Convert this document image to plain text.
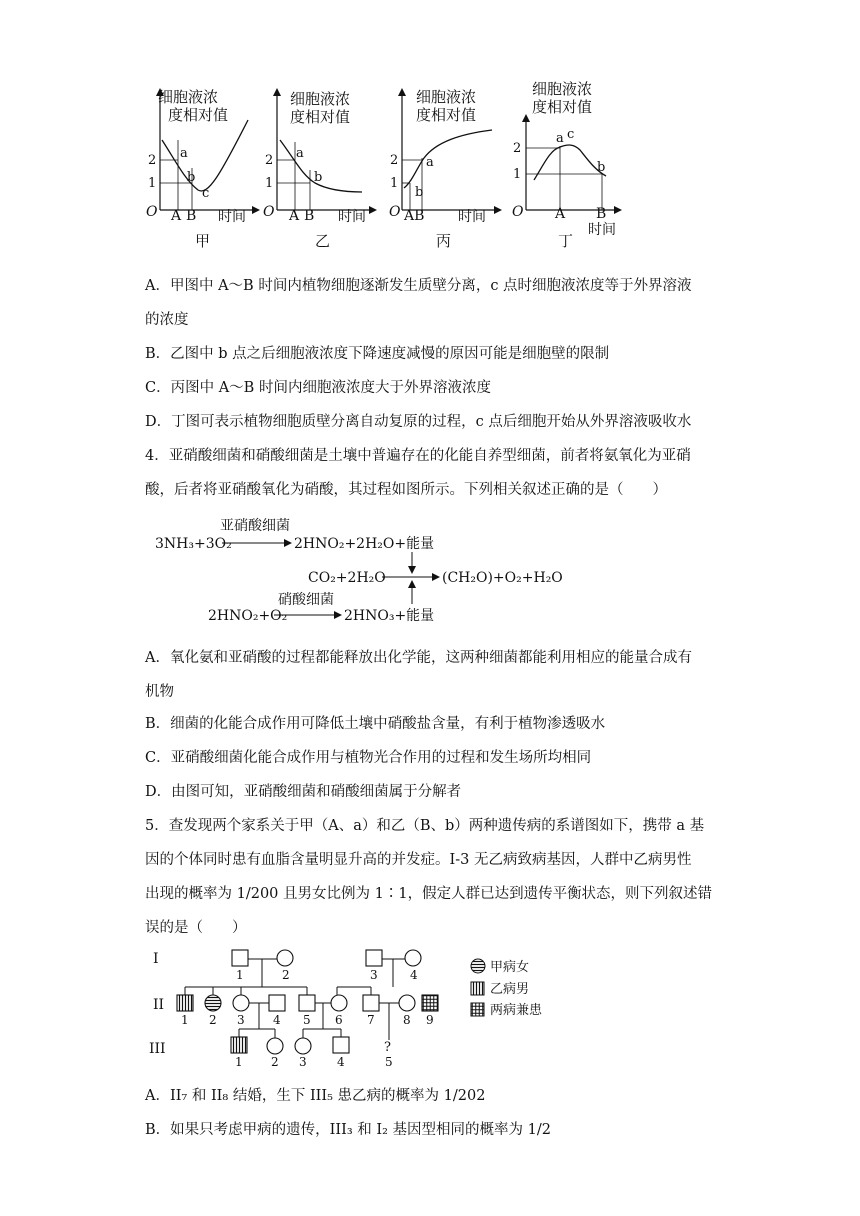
细胞液浓
度相对值
2
1
O A B 时间
a
b
c
甲
细胞液浓
度相对值
2
1
O A B 时间
a
b
乙
细胞液浓
度相对值
2
1
O AB 时间
a
b
丙
细胞液浓
度相对值
2
1
O A B
时间
a c
b
丁
A．甲图中 A～B 时间内植物细胞逐渐发生质壁分离，c 点时细胞液浓度等于外界溶液
的浓度
B．乙图中 b 点之后细胞液浓度下降速度减慢的原因可能是细胞壁的限制
C．丙图中 A～B 时间内细胞液浓度大于外界溶液浓度
D．丁图可表示植物细胞质壁分离自动复原的过程，c 点后细胞开始从外界溶液吸收水
4．亚硝酸细菌和硝酸细菌是土壤中普遍存在的化能自养型细菌，前者将氨氧化为亚硝
酸，后者将亚硝酸氧化为硝酸，其过程如图所示。下列相关叙述正确的是（　　）
亚硝酸细菌
3NH₃+3O₂	2HNO₂+2H₂O+能量
CO₂+2H₂O	(CH₂O)+O₂+H₂O
硝酸细菌
2HNO₂+O₂	2HNO₃+能量
A．氧化氨和亚硝酸的过程都能释放出化学能，这两种细菌都能利用相应的能量合成有
机物
B．细菌的化能合成作用可降低土壤中硝酸盐含量，有利于植物渗透吸水
C．亚硝酸细菌化能合成作用与植物光合作用的过程和发生场所均相同
D．由图可知，亚硝酸细菌和硝酸细菌属于分解者
5．查发现两个家系关于甲（A、a）和乙（B、b）两种遗传病的系谱图如下，携带 a 基
因的个体同时患有血脂含量明显升高的并发症。Ⅰ-3 无乙病致病基因，人群中乙病男性
出现的概率为 1/200 且男女比例为 1∶1，假定人群已达到遗传平衡状态，则下列叙述错
误的是（　　）
I
II
III
1	2	3	4
1 2 3 4 5 6 7 8 9
?
1 2 3	4	5
甲病女
乙病男
两病兼患
A．II₇ 和 II₈ 结婚，生下 III₅ 患乙病的概率为 1/202
B．如果只考虑甲病的遗传，III₃ 和 I₂ 基因型相同的概率为 1/2
